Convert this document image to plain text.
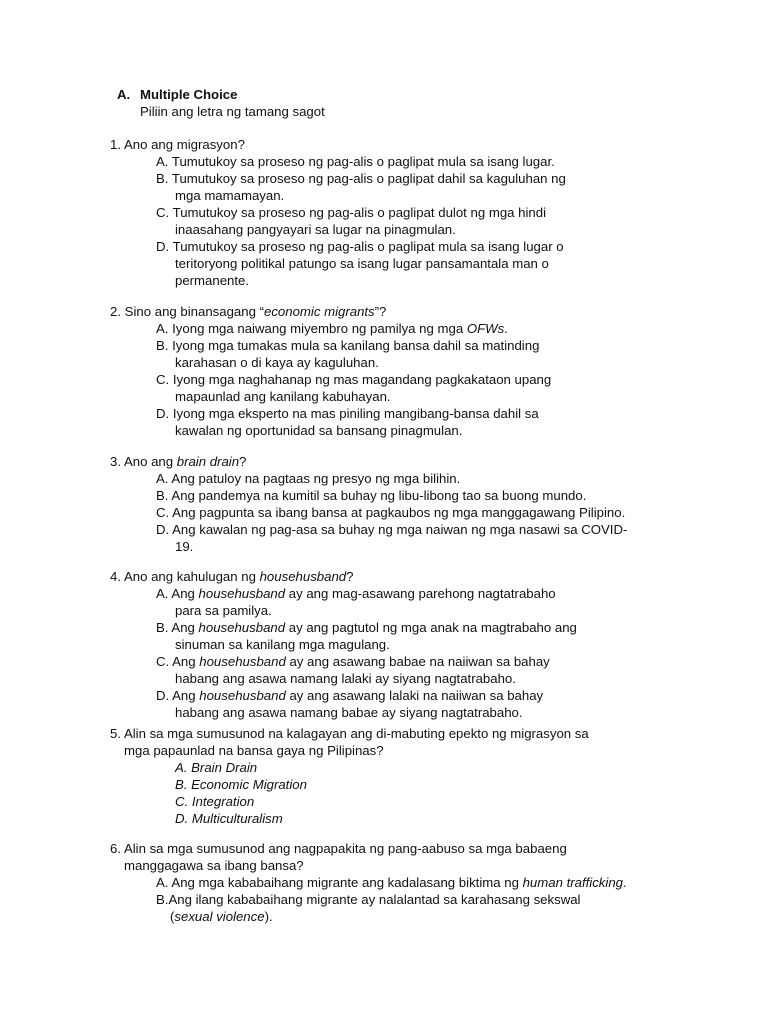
A. Multiple Choice
Piliin ang letra ng tamang sagot
1. Ano ang migrasyon?
A. Tumutukoy sa proseso ng pag-alis o paglipat mula sa isang lugar.
B. Tumutukoy sa proseso ng pag-alis o paglipat dahil sa kaguluhan ng
mga mamamayan.
C. Tumutukoy sa proseso ng pag-alis o paglipat dulot ng mga hindi
inaasahang pangyayari sa lugar na pinagmulan.
D. Tumutukoy sa proseso ng pag-alis o paglipat mula sa isang lugar o
teritoryong politikal patungo sa isang lugar pansamantala man o
permanente.
2. Sino ang binansagang “economic migrants”?
A. Iyong mga naiwang miyembro ng pamilya ng mga OFWs.
B. Iyong mga tumakas mula sa kanilang bansa dahil sa matinding
karahasan o di kaya ay kaguluhan.
C. Iyong mga naghahanap ng mas magandang pagkakataon upang
mapaunlad ang kanilang kabuhayan.
D. Iyong mga eksperto na mas piniling mangibang-bansa dahil sa
kawalan ng oportunidad sa bansang pinagmulan.
3. Ano ang brain drain?
A. Ang patuloy na pagtaas ng presyo ng mga bilihin.
B. Ang pandemya na kumitil sa buhay ng libu-libong tao sa buong mundo.
C. Ang pagpunta sa ibang bansa at pagkaubos ng mga manggagawang Pilipino.
D. Ang kawalan ng pag-asa sa buhay ng mga naiwan ng mga nasawi sa COVID-
19.
4. Ano ang kahulugan ng househusband?
A. Ang househusband ay ang mag-asawang parehong nagtatrabaho
para sa pamilya.
B. Ang househusband ay ang pagtutol ng mga anak na magtrabaho ang
sinuman sa kanilang mga magulang.
C. Ang househusband ay ang asawang babae na naiiwan sa bahay
habang ang asawa namang lalaki ay siyang nagtatrabaho.
D. Ang househusband ay ang asawang lalaki na naiiwan sa bahay
habang ang asawa namang babae ay siyang nagtatrabaho.
5. Alin sa mga sumusunod na kalagayan ang di-mabuting epekto ng migrasyon sa
mga papaunlad na bansa gaya ng Pilipinas?
A. Brain Drain
B. Economic Migration
C. Integration
D. Multiculturalism
6. Alin sa mga sumusunod ang nagpapakita ng pang-aabuso sa mga babaeng
manggagawa sa ibang bansa?
A. Ang mga kababaihang migrante ang kadalasang biktima ng human trafficking.
B.Ang ilang kababaihang migrante ay nalalantad sa karahasang sekswal
(sexual violence).
